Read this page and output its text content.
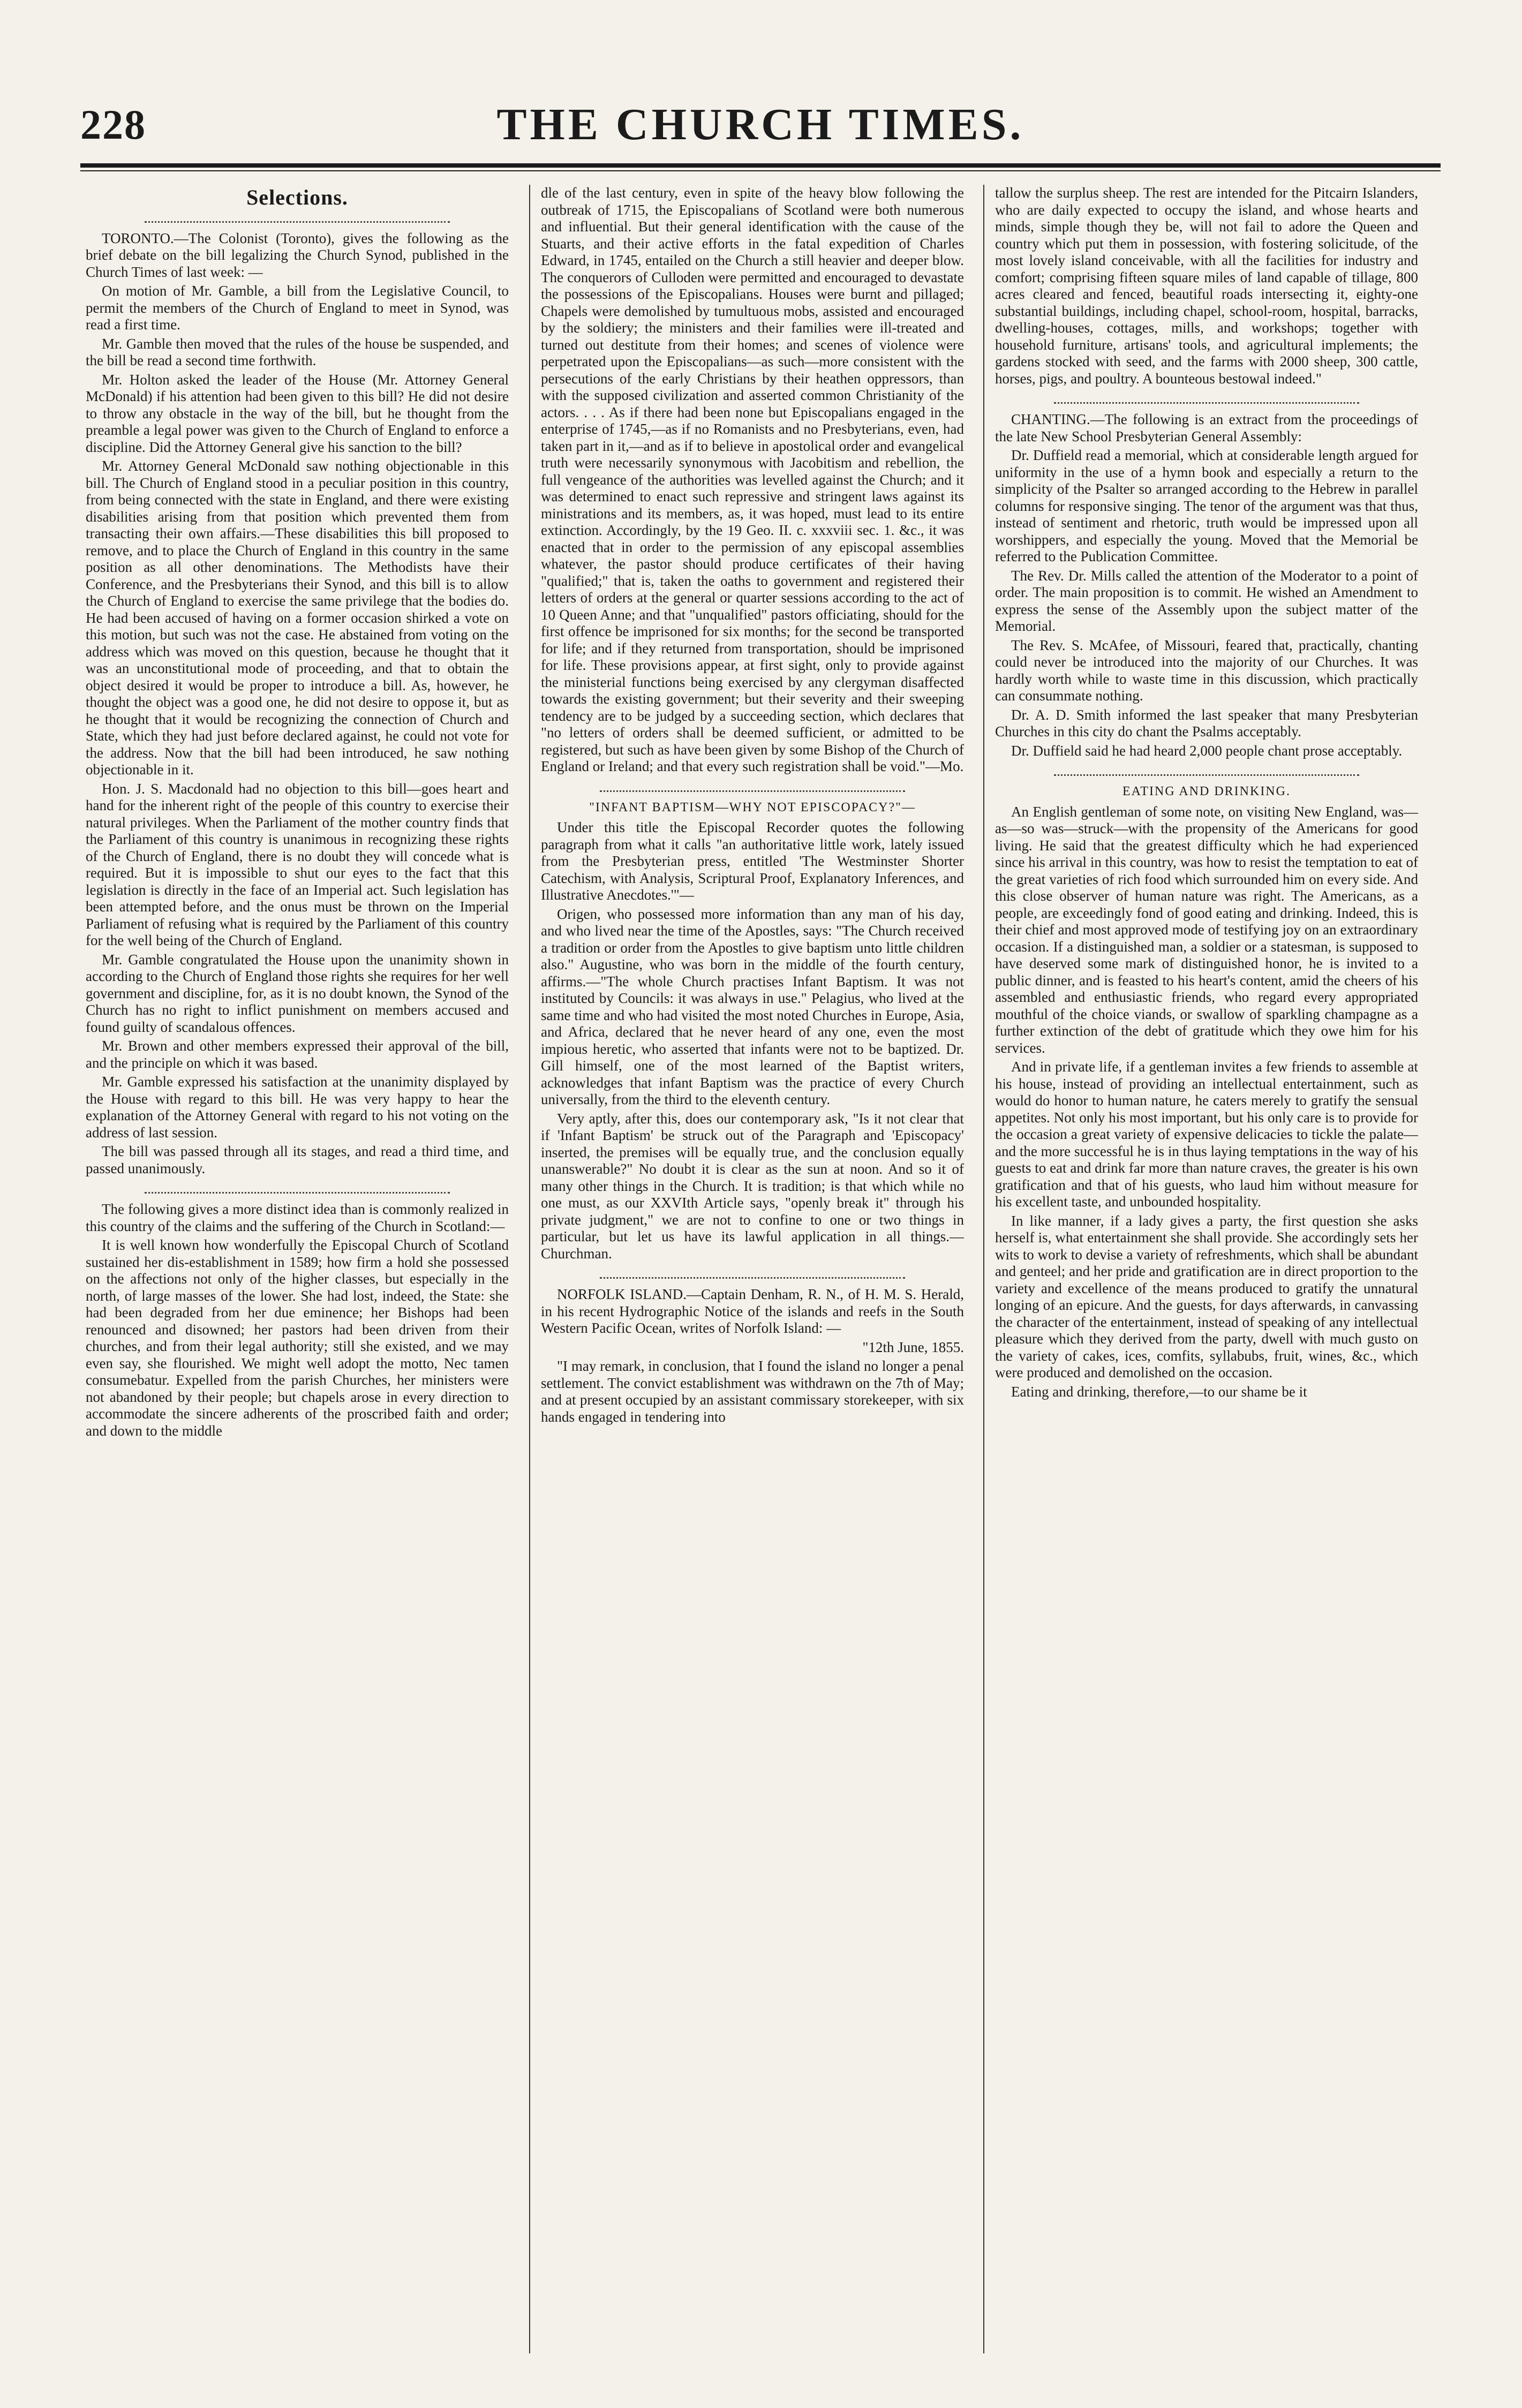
228	THE CHURCH TIMES.
Selections.

TORONTO.—The Colonist (Toronto), gives the following as the brief debate on the bill legalizing the Church Synod, published in the Church Times of last week: —

On motion of Mr. Gamble, a bill from the Legislative Council, to permit the members of the Church of England to meet in Synod, was read a first time.

Mr. Gamble then moved that the rules of the house be suspended, and the bill be read a second time forthwith.

Mr. Holton asked the leader of the House (Mr. Attorney General McDonald) if his attention had been given to this bill? He did not desire to throw any obstacle in the way of the bill, but he thought from the preamble a legal power was given to the Church of England to enforce a discipline. Did the Attorney General give his sanction to the bill?

Mr. Attorney General McDonald saw nothing objectionable in this bill. The Church of England stood in a peculiar position in this country, from being connected with the state in England, and there were existing disabilities arising from that position which prevented them from transacting their own affairs.—These disabilities this bill proposed to remove, and to place the Church of England in this country in the same position as all other denominations. The Methodists have their Conference, and the Presbyterians their Synod, and this bill is to allow the Church of England to exercise the same privilege that the bodies do. He had been accused of having on a former occasion shirked a vote on this motion, but such was not the case. He abstained from voting on the address which was moved on this question, because he thought that it was an unconstitutional mode of proceeding, and that to obtain the object desired it would be proper to introduce a bill. As, however, he thought the object was a good one, he did not desire to oppose it, but as he thought that it would be recognizing the connection of Church and State, which they had just before declared against, he could not vote for the address. Now that the bill had been introduced, he saw nothing objectionable in it.

Hon. J. S. Macdonald had no objection to this bill—goes heart and hand for the inherent right of the people of this country to exercise their natural privileges. When the Parliament of the mother country finds that the Parliament of this country is unanimous in recognizing these rights of the Church of England, there is no doubt they will concede what is required. But it is impossible to shut our eyes to the fact that this legislation is directly in the face of an Imperial act. Such legislation has been attempted before, and the onus must be thrown on the Imperial Parliament of refusing what is required by the Parliament of this country for the well being of the Church of England.

Mr. Gamble congratulated the House upon the unanimity shown in according to the Church of England those rights she requires for her well government and discipline, for, as it is no doubt known, the Synod of the Church has no right to inflict punishment on members accused and found guilty of scandalous offences.

Mr. Brown and other members expressed their approval of the bill, and the principle on which it was based.

Mr. Gamble expressed his satisfaction at the unanimity displayed by the House with regard to this bill. He was very happy to hear the explanation of the Attorney General with regard to his not voting on the address of last session.

The bill was passed through all its stages, and read a third time, and passed unanimously.

The following gives a more distinct idea than is commonly realized in this country of the claims and the suffering of the Church in Scotland:—

It is well known how wonderfully the Episcopal Church of Scotland sustained her dis-establishment in 1589; how firm a hold she possessed on the affections not only of the higher classes, but especially in the north, of large masses of the lower. She had lost, indeed, the State: she had been degraded from her due eminence; her Bishops had been renounced and disowned; her pastors had been driven from their churches, and from their legal authority; still she existed, and we may even say, she flourished. We might well adopt the motto, Nec tamen consumebatur. Expelled from the parish Churches, her ministers were not abandoned by their people; but chapels arose in every direction to accommodate the sincere adherents of the proscribed faith and order; and down to the middle

dle of the last century, even in spite of the heavy blow following the outbreak of 1715, the Episcopalians of Scotland were both numerous and influential. But their general identification with the cause of the Stuarts, and their active efforts in the fatal expedition of Charles Edward, in 1745, entailed on the Church a still heavier and deeper blow. The conquerors of Culloden were permitted and encouraged to devastate the possessions of the Episcopalians. Houses were burnt and pillaged; Chapels were demolished by tumultuous mobs, assisted and encouraged by the soldiery; the ministers and their families were ill-treated and turned out destitute from their homes; and scenes of violence were perpetrated upon the Episcopalians—as such—more consistent with the persecutions of the early Christians by their heathen oppressors, than with the supposed civilization and asserted common Christianity of the actors. . . . As if there had been none but Episcopalians engaged in the enterprise of 1745,—as if no Romanists and no Presbyterians, even, had taken part in it,—and as if to believe in apostolical order and evangelical truth were necessarily synonymous with Jacobitism and rebellion, the full vengeance of the authorities was levelled against the Church; and it was determined to enact such repressive and stringent laws against its ministrations and its members, as, it was hoped, must lead to its entire extinction. Accordingly, by the 19 Geo. II. c. xxxviii sec. 1. &c., it was enacted that in order to the permission of any episcopal assemblies whatever, the pastor should produce certificates of their having "qualified;" that is, taken the oaths to government and registered their letters of orders at the general or quarter sessions according to the act of 10 Queen Anne; and that "unqualified" pastors officiating, should for the first offence be imprisoned for six months; for the second be transported for life; and if they returned from transportation, should be imprisoned for life. These provisions appear, at first sight, only to provide against the ministerial functions being exercised by any clergyman disaffected towards the existing government; but their severity and their sweeping tendency are to be judged by a succeeding section, which declares that "no letters of orders shall be deemed sufficient, or admitted to be registered, but such as have been given by some Bishop of the Church of England or Ireland; and that every such registration shall be void."—Mo.

"INFANT BAPTISM—WHY NOT EPISCOPACY?"—

Under this title the Episcopal Recorder quotes the following paragraph from what it calls "an authoritative little work, lately issued from the Presbyterian press, entitled 'The Westminster Shorter Catechism, with Analysis, Scriptural Proof, Explanatory Inferences, and Illustrative Anecdotes.'"—

Origen, who possessed more information than any man of his day, and who lived near the time of the Apostles, says: "The Church received a tradition or order from the Apostles to give baptism unto little children also." Augustine, who was born in the middle of the fourth century, affirms.—"The whole Church practises Infant Baptism. It was not instituted by Councils: it was always in use." Pelagius, who lived at the same time and who had visited the most noted Churches in Europe, Asia, and Africa, declared that he never heard of any one, even the most impious heretic, who asserted that infants were not to be baptized. Dr. Gill himself, one of the most learned of the Baptist writers, acknowledges that infant Baptism was the practice of every Church universally, from the third to the eleventh century.

Very aptly, after this, does our contemporary ask, "Is it not clear that if 'Infant Baptism' be struck out of the Paragraph and 'Episcopacy' inserted, the premises will be equally true, and the conclusion equally unanswerable?" No doubt it is clear as the sun at noon. And so it of many other things in the Church. It is tradition; is that which while no one must, as our XXVIth Article says, "openly break it" through his private judgment," we are not to confine to one or two things in particular, but let us have its lawful application in all things.—Churchman.

NORFOLK ISLAND.—Captain Denham, R. N., of H. M. S. Herald, in his recent Hydrographic Notice of the islands and reefs in the South Western Pacific Ocean, writes of Norfolk Island: —

"12th June, 1855.

"I may remark, in conclusion, that I found the island no longer a penal settlement. The convict establishment was withdrawn on the 7th of May; and at present occupied by an assistant commissary storekeeper, with six hands engaged in tendering into

tallow the surplus sheep. The rest are intended for the Pitcairn Islanders, who are daily expected to occupy the island, and whose hearts and minds, simple though they be, will not fail to adore the Queen and country which put them in possession, with fostering solicitude, of the most lovely island conceivable, with all the facilities for industry and comfort; comprising fifteen square miles of land capable of tillage, 800 acres cleared and fenced, beautiful roads intersecting it, eighty-one substantial buildings, including chapel, school-room, hospital, barracks, dwelling-houses, cottages, mills, and workshops; together with household furniture, artisans' tools, and agricultural implements; the gardens stocked with seed, and the farms with 2000 sheep, 300 cattle, horses, pigs, and poultry. A bounteous bestowal indeed."

CHANTING.—The following is an extract from the proceedings of the late New School Presbyterian General Assembly:

Dr. Duffield read a memorial, which at considerable length argued for uniformity in the use of a hymn book and especially a return to the simplicity of the Psalter so arranged according to the Hebrew in parallel columns for responsive singing. The tenor of the argument was that thus, instead of sentiment and rhetoric, truth would be impressed upon all worshippers, and especially the young. Moved that the Memorial be referred to the Publication Committee.

The Rev. Dr. Mills called the attention of the Moderator to a point of order. The main proposition is to commit. He wished an Amendment to express the sense of the Assembly upon the subject matter of the Memorial.

The Rev. S. McAfee, of Missouri, feared that, practically, chanting could never be introduced into the majority of our Churches. It was hardly worth while to waste time in this discussion, which practically can consummate nothing.

Dr. A. D. Smith informed the last speaker that many Presbyterian Churches in this city do chant the Psalms acceptably.

Dr. Duffield said he had heard 2,000 people chant prose acceptably.

EATING AND DRINKING.

An English gentleman of some note, on visiting New England, was—as—so was—struck—with the propensity of the Americans for good living. He said that the greatest difficulty which he had experienced since his arrival in this country, was how to resist the temptation to eat of the great varieties of rich food which surrounded him on every side. And this close observer of human nature was right. The Americans, as a people, are exceedingly fond of good eating and drinking. Indeed, this is their chief and most approved mode of testifying joy on an extraordinary occasion. If a distinguished man, a soldier or a statesman, is supposed to have deserved some mark of distinguished honor, he is invited to a public dinner, and is feasted to his heart's content, amid the cheers of his assembled and enthusiastic friends, who regard every appropriated mouthful of the choice viands, or swallow of sparkling champagne as a further extinction of the debt of gratitude which they owe him for his services.

And in private life, if a gentleman invites a few friends to assemble at his house, instead of providing an intellectual entertainment, such as would do honor to human nature, he caters merely to gratify the sensual appetites. Not only his most important, but his only care is to provide for the occasion a great variety of expensive delicacies to tickle the palate—and the more successful he is in thus laying temptations in the way of his guests to eat and drink far more than nature craves, the greater is his own gratification and that of his guests, who laud him without measure for his excellent taste, and unbounded hospitality.

In like manner, if a lady gives a party, the first question she asks herself is, what entertainment she shall provide. She accordingly sets her wits to work to devise a variety of refreshments, which shall be abundant and genteel; and her pride and gratification are in direct proportion to the variety and excellence of the means produced to gratify the unnatural longing of an epicure. And the guests, for days afterwards, in canvassing the character of the entertainment, instead of speaking of any intellectual pleasure which they derived from the party, dwell with much gusto on the variety of cakes, ices, comfits, syllabubs, fruit, wines, &c., which were produced and demolished on the occasion.

Eating and drinking, therefore,—to our shame be it
